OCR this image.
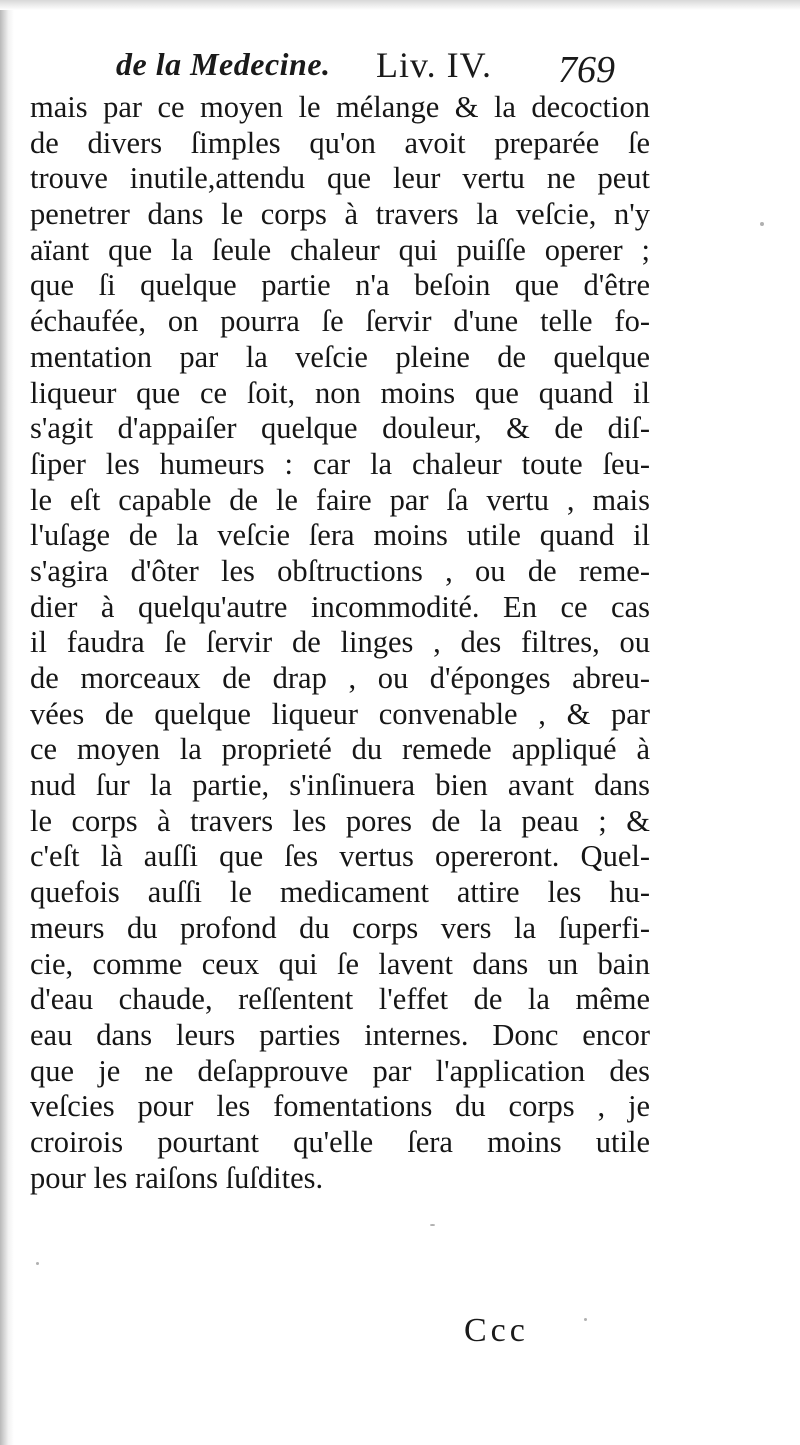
de la Medecine. Liv. IV. 769
mais par ce moyen le mélange & la decoction
de divers ſimples qu'on avoit preparée ſe
trouve inutile,attendu que leur vertu ne peut
penetrer dans le corps à travers la veſcie, n'y
aïant que la ſeule chaleur qui puiſſe operer ;
que ſi quelque partie n'a beſoin que d'être
échaufée, on pourra ſe ſervir d'une telle fo-
mentation par la veſcie pleine de quelque
liqueur que ce ſoit, non moins que quand il
s'agit d'appaiſer quelque douleur, & de diſ-
ſiper les humeurs : car la chaleur toute ſeu-
le eſt capable de le faire par ſa vertu , mais
l'uſage de la veſcie ſera moins utile quand il
s'agira d'ôter les obſtructions , ou de reme-
dier à quelqu'autre incommodité. En ce cas
il faudra ſe ſervir de linges , des filtres, ou
de morceaux de drap , ou d'éponges abreu-
vées de quelque liqueur convenable , & par
ce moyen la proprieté du remede appliqué à
nud ſur la partie, s'inſinuera bien avant dans
le corps à travers les pores de la peau ; &
c'eſt là auſſi que ſes vertus opereront. Quel-
quefois auſſi le medicament attire les hu-
meurs du profond du corps vers la ſuperfi-
cie, comme ceux qui ſe lavent dans un bain
d'eau chaude, reſſentent l'effet de la même
eau dans leurs parties internes. Donc encor
que je ne deſapprouve par l'application des
veſcies pour les fomentations du corps , je
croirois pourtant qu'elle ſera moins utile
pour les raiſons ſuſdites.
Ccc
